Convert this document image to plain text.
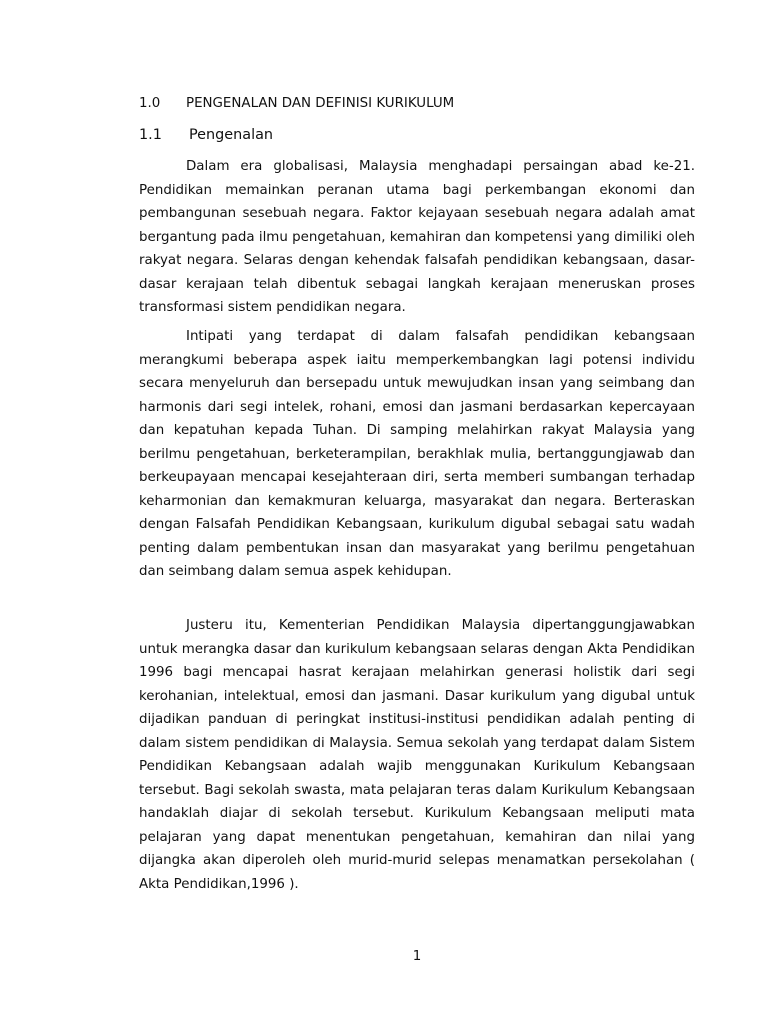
1.0 PENGENALAN DAN DEFINISI KURIKULUM
1.1 Pengenalan

Dalam era globalisasi, Malaysia menghadapi persaingan abad ke-21. Pendidikan memainkan peranan utama bagi perkembangan ekonomi dan pembangunan sesebuah negara. Faktor kejayaan sesebuah negara adalah amat bergantung pada ilmu pengetahuan, kemahiran dan kompetensi yang dimiliki oleh rakyat negara. Selaras dengan kehendak falsafah pendidikan kebangsaan, dasar-dasar kerajaan telah dibentuk sebagai langkah kerajaan meneruskan proses transformasi sistem pendidikan negara.

Intipati yang terdapat di dalam falsafah pendidikan kebangsaan merangkumi beberapa aspek iaitu memperkembangkan lagi potensi individu secara menyeluruh dan bersepadu untuk mewujudkan insan yang seimbang dan harmonis dari segi intelek, rohani, emosi dan jasmani berdasarkan kepercayaan dan kepatuhan kepada Tuhan. Di samping melahirkan rakyat Malaysia yang berilmu pengetahuan, berketerampilan, berakhlak mulia, bertanggungjawab dan berkeupayaan mencapai kesejahteraan diri, serta memberi sumbangan terhadap keharmonian dan kemakmuran keluarga, masyarakat dan negara. Berteraskan dengan Falsafah Pendidikan Kebangsaan, kurikulum digubal sebagai satu wadah penting dalam pembentukan insan dan masyarakat yang berilmu pengetahuan dan seimbang dalam semua aspek kehidupan.

Justeru itu, Kementerian Pendidikan Malaysia dipertanggungjawabkan untuk merangka dasar dan kurikulum kebangsaan selaras dengan Akta Pendidikan 1996 bagi mencapai hasrat kerajaan melahirkan generasi holistik dari segi kerohanian, intelektual, emosi dan jasmani. Dasar kurikulum yang digubal untuk dijadikan panduan di peringkat institusi-institusi pendidikan adalah penting di dalam sistem pendidikan di Malaysia. Semua sekolah yang terdapat dalam Sistem Pendidikan Kebangsaan adalah wajib menggunakan Kurikulum Kebangsaan tersebut. Bagi sekolah swasta, mata pelajaran teras dalam Kurikulum Kebangsaan handaklah diajar di sekolah tersebut. Kurikulum Kebangsaan meliputi mata pelajaran yang dapat menentukan pengetahuan, kemahiran dan nilai yang dijangka akan diperoleh oleh murid-murid selepas menamatkan persekolahan ( Akta Pendidikan,1996 ).

1
